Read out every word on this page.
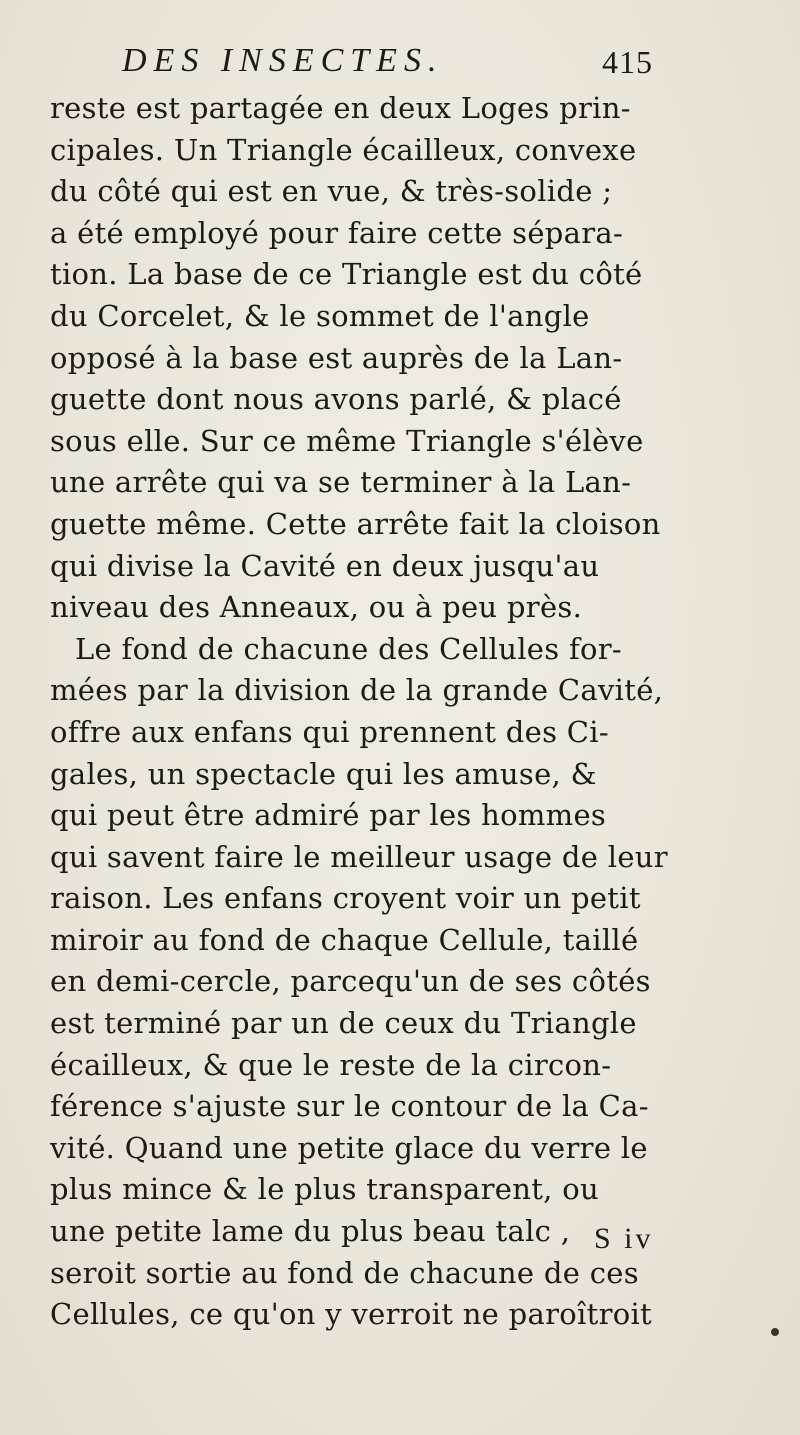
DES INSECTES.	415
reste est partagée en deux Loges prin-
cipales. Un Triangle écailleux, convexe
du côté qui est en vue, & très-solide ;
a été employé pour faire cette sépara-
tion. La base de ce Triangle est du côté
du Corcelet, & le sommet de l'angle
opposé à la base est auprès de la Lan-
guette dont nous avons parlé, & placé
sous elle. Sur ce même Triangle s'élève
une arrête qui va se terminer à la Lan-
guette même. Cette arrête fait la cloison
qui divise la Cavité en deux jusqu'au
niveau des Anneaux, ou à peu près.
Le fond de chacune des Cellules for-
mées par la division de la grande Cavité,
offre aux enfans qui prennent des Ci-
gales, un spectacle qui les amuse, &
qui peut être admiré par les hommes
qui savent faire le meilleur usage de leur
raison. Les enfans croyent voir un petit
miroir au fond de chaque Cellule, taillé
en demi-cercle, parcequ'un de ses côtés
est terminé par un de ceux du Triangle
écailleux, & que le reste de la circon-
férence s'ajuste sur le contour de la Ca-
vité. Quand une petite glace du verre le
plus mince & le plus transparent, ou
une petite lame du plus beau talc ,
seroit sortie au fond de chacune de ces
Cellules, ce qu'on y verroit ne paroîtroit
S iv
